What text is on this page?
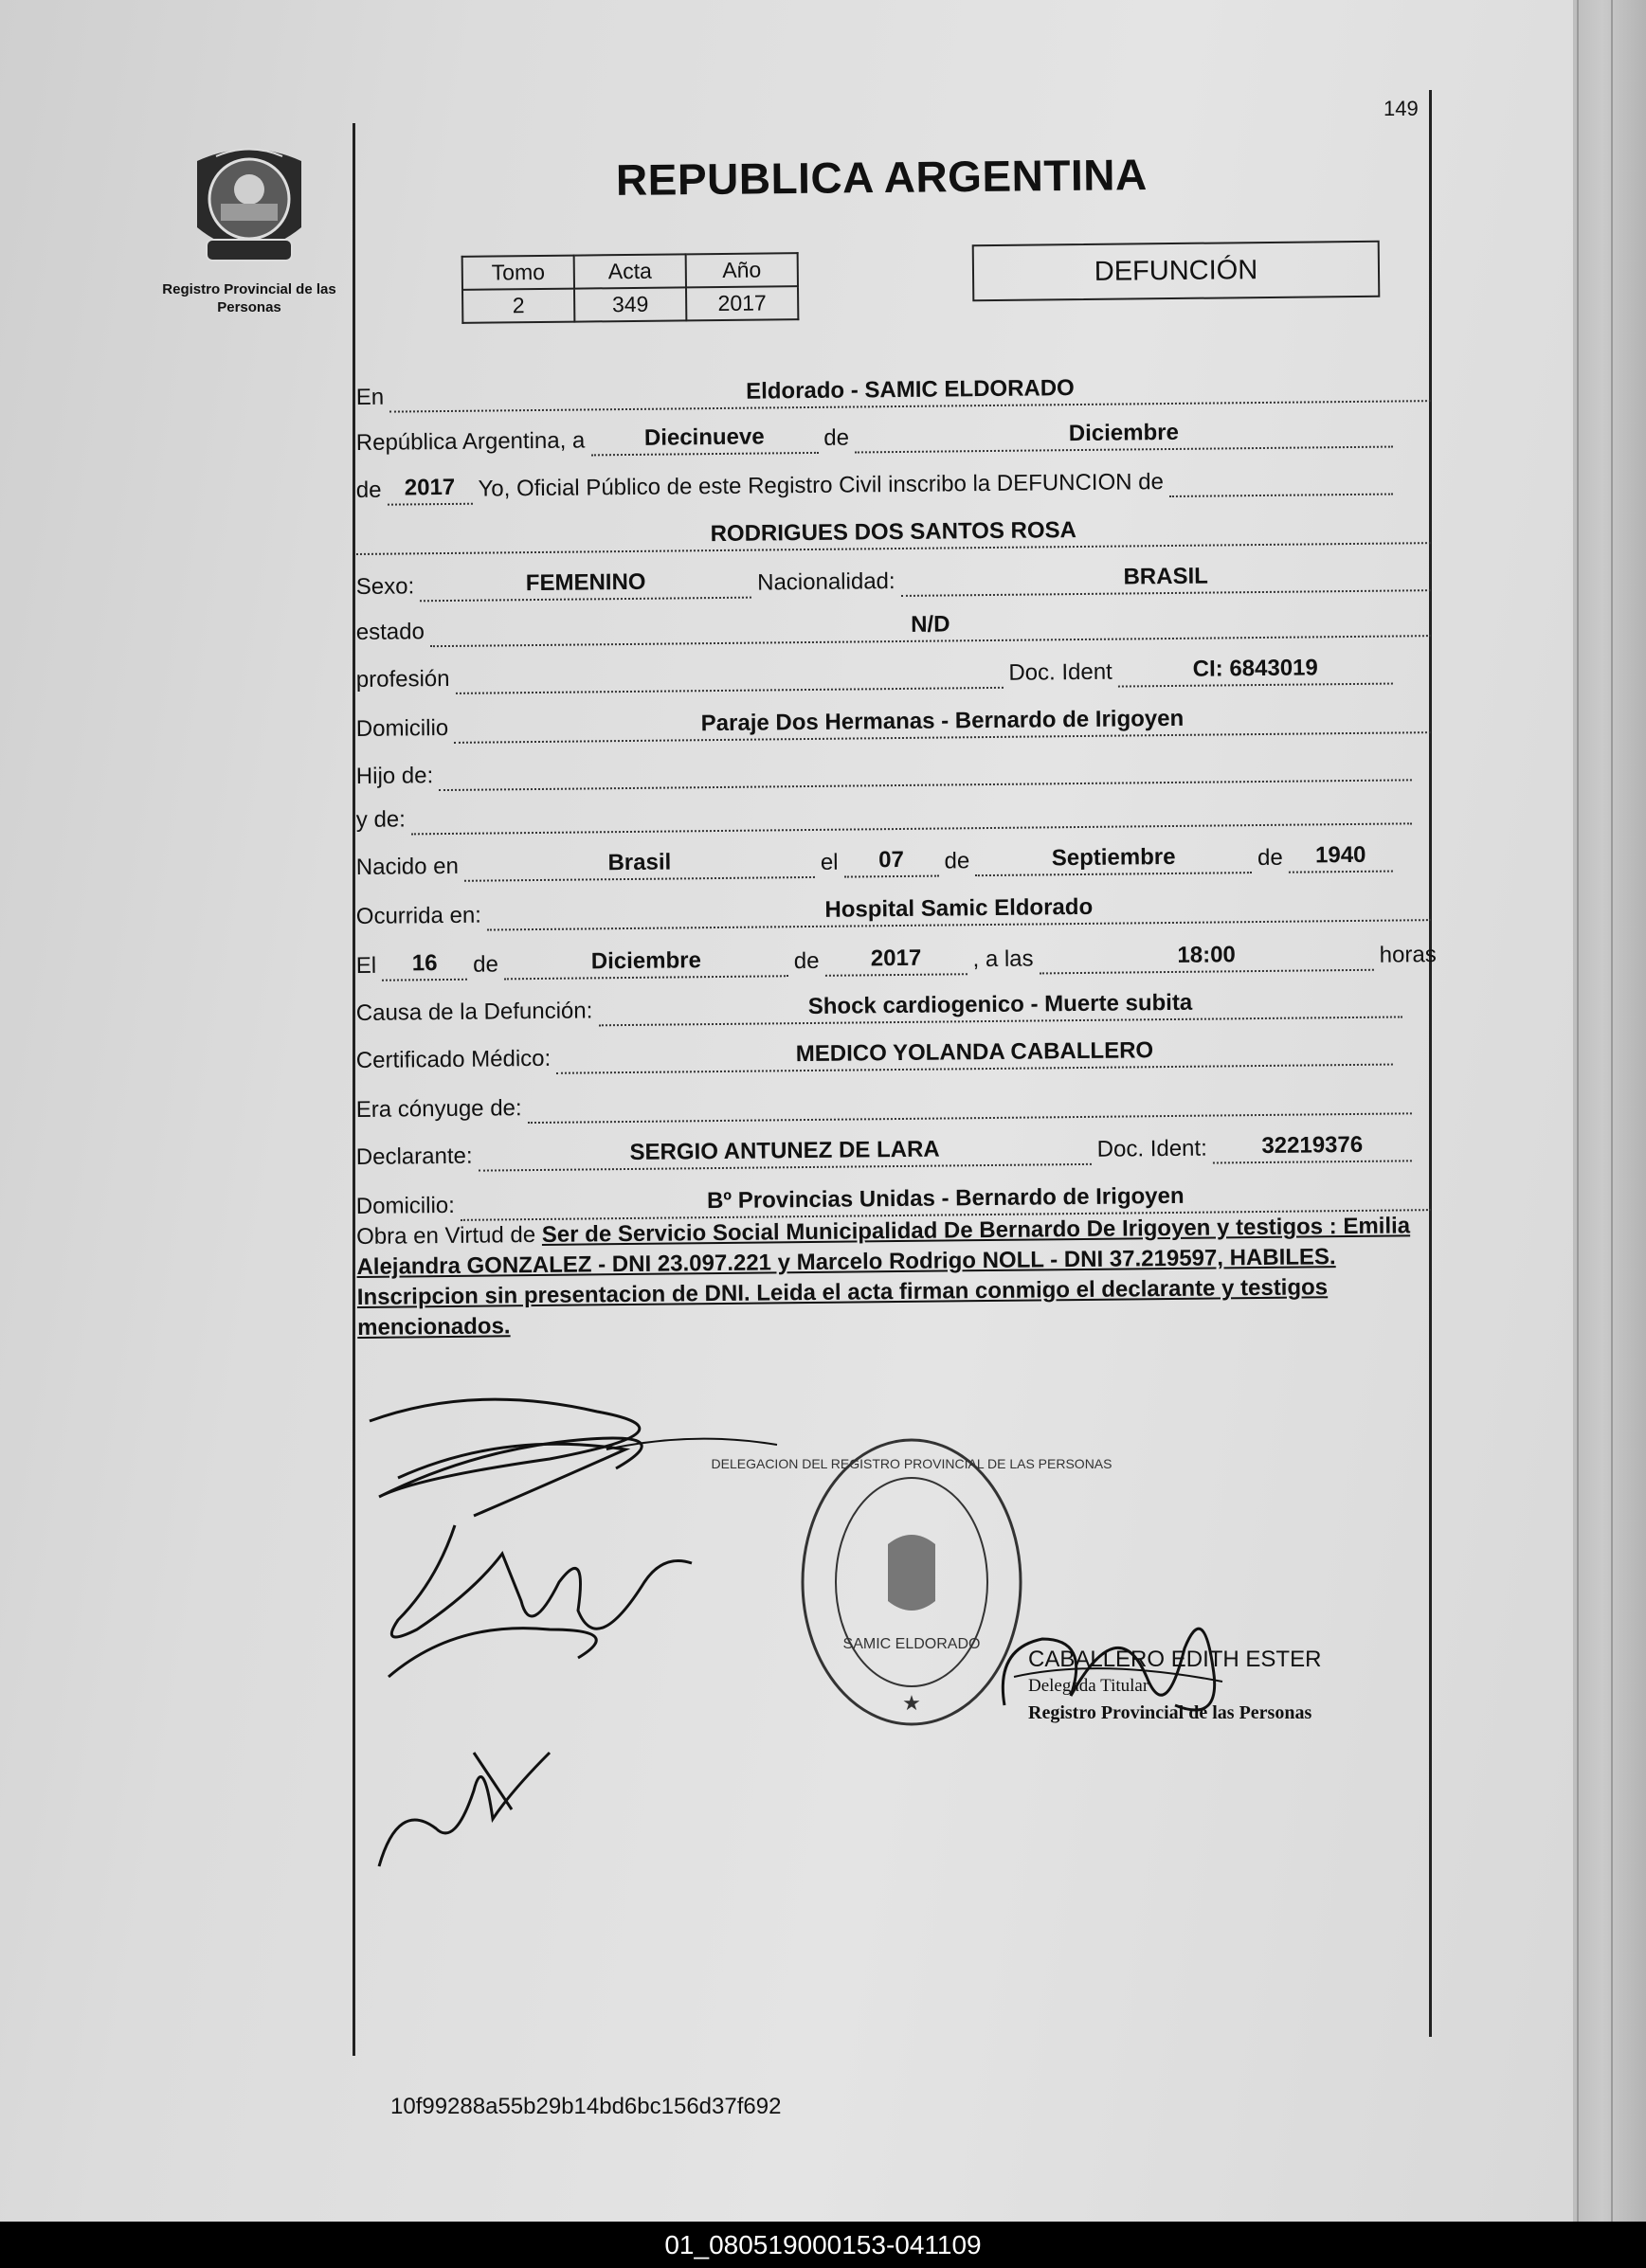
149
Registro Provincial de las Personas
REPUBLICA ARGENTINA
Tomo	Acta	Año
2	349	2017
DEFUNCIÓN
En	Eldorado - SAMIC ELDORADO
República Argentina, a	Diecinueve	de	Diciembre
de 2017	Yo, Oficial Público de este Registro Civil inscribo la DEFUNCION de
RODRIGUES DOS SANTOS ROSA
Sexo:	FEMENINO	Nacionalidad:	BRASIL
estado	N/D
profesión	Doc. Ident	CI: 6843019
Domicilio	Paraje Dos Hermanas - Bernardo de Irigoyen
Hijo de:
y de:
Nacido en	Brasil	el	07	de	Septiembre	de	1940
Ocurrida en:	Hospital Samic Eldorado
El	16	de	Diciembre	de	2017	, a las	18:00	horas
Causa de la Defunción:	Shock cardiogenico - Muerte subita
Certificado Médico:	MEDICO YOLANDA CABALLERO
Era cónyuge de:
Declarante:	SERGIO ANTUNEZ DE LARA	Doc. Ident:	32219376
Domicilio:	Bº Provincias Unidas - Bernardo de Irigoyen
Obra en Virtud de Ser de Servicio Social Municipalidad De Bernardo De Irigoyen y testigos : Emilia Alejandra GONZALEZ - DNI 23.097.221 y Marcelo Rodrigo NOLL - DNI 37.219597, HABILES. Inscripcion sin presentacion de DNI. Leida el acta firman conmigo el declarante y testigos mencionados.
★
DELEGACION DEL REGISTRO PROVINCIAL DE LAS PERSONAS
SAMIC ELDORADO
CABALLERO EDITH ESTER
Delegada Titular
Registro Provincial de las Personas
10f99288a55b29b14bd6bc156d37f692
01_080519000153-041109
